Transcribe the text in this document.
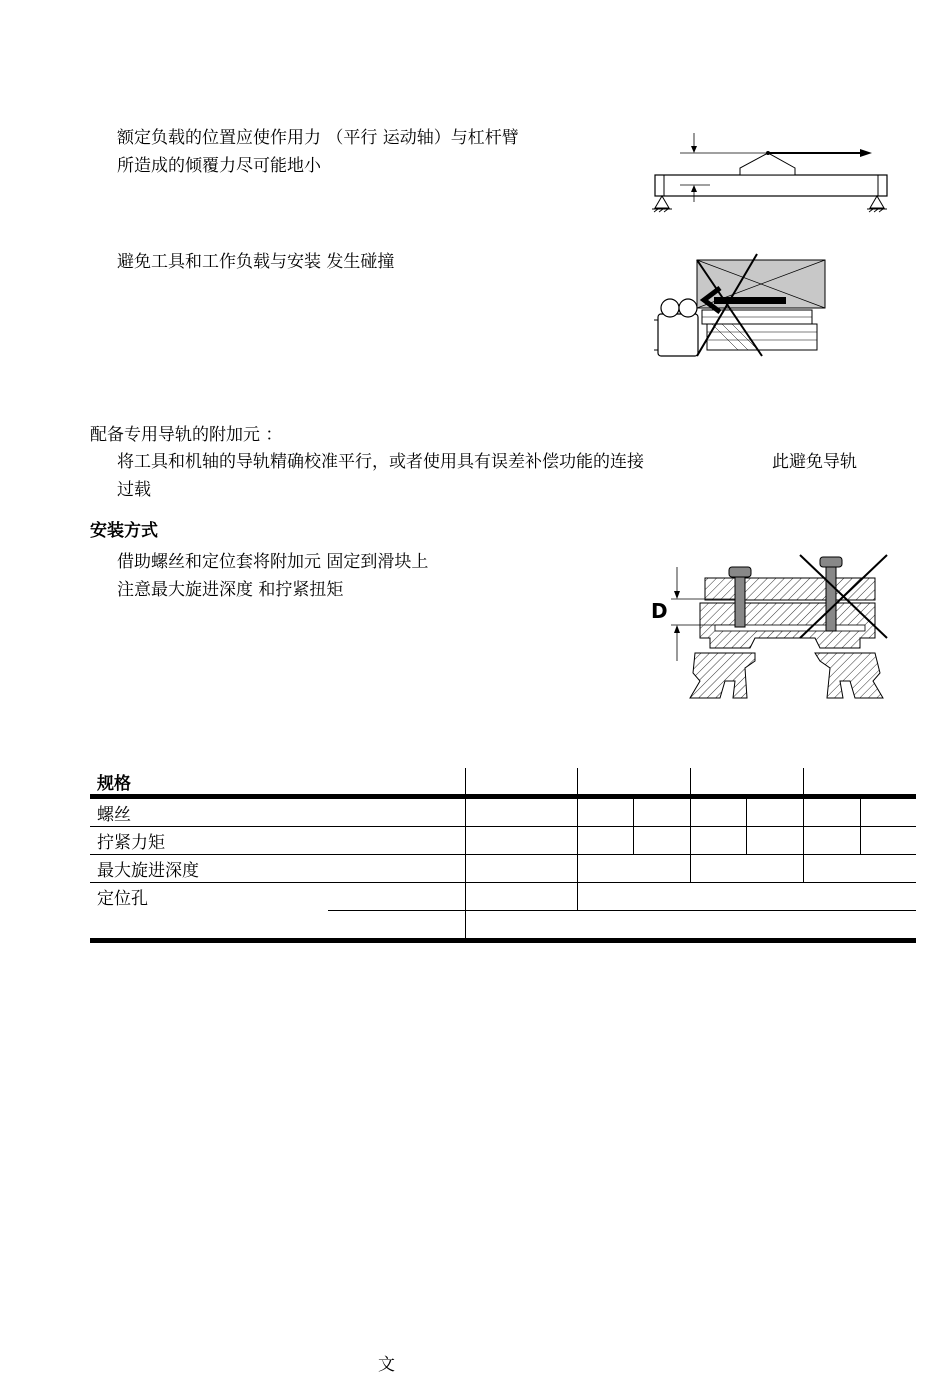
额定负载的位置应使作用力 （平行 运动轴）与杠杆臂
所造成的倾覆力尽可能地小
避免工具和工作负载与安装 发生碰撞
配备专用导轨的附加元 ：
将工具和机轴的导轨精确校准平行，或者使用具有误差补偿功能的连接	此避免导轨
过载
安装方式
借助螺丝和定位套将附加元 固定到滑块上
注意最大旋进深度 和拧紧扭矩
D
规格									
螺丝									
拧紧力矩									
最大旋进深度									
定位孔									

文
